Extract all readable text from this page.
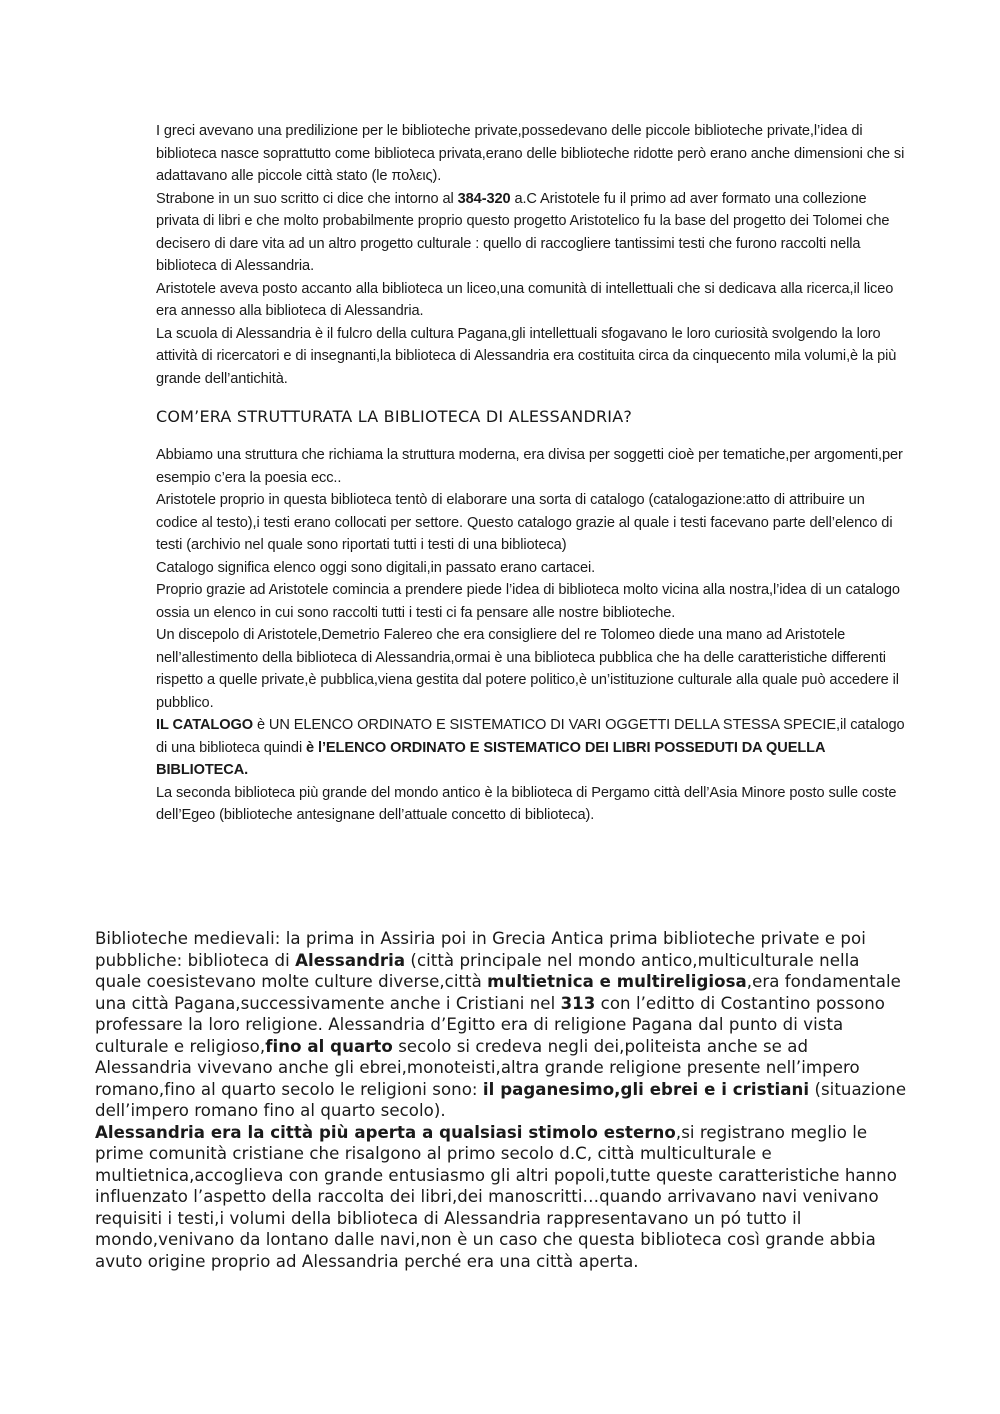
I greci avevano una predilizione per le biblioteche private,possedevano delle piccole biblioteche private,l’idea di biblioteca nasce soprattutto come biblioteca privata,erano delle biblioteche ridotte però erano anche dimensioni che si adattavano alle piccole città stato (le πολεις).

Strabone in un suo scritto ci dice che intorno al 384-320 a.C Aristotele fu il primo ad aver formato una collezione privata di libri e che molto probabilmente proprio questo progetto Aristotelico fu la base del progetto dei Tolomei che decisero di dare vita ad un altro progetto culturale : quello di raccogliere tantissimi testi che furono raccolti nella biblioteca di Alessandria.

Aristotele aveva posto accanto alla biblioteca un liceo,una comunità di intellettuali che si dedicava alla ricerca,il liceo era annesso alla biblioteca di Alessandria.

La scuola di Alessandria è il fulcro della cultura Pagana,gli intellettuali sfogavano le loro curiosità svolgendo la loro attività di ricercatori e di insegnanti,la biblioteca di Alessandria era costituita circa da cinquecento mila volumi,è la più grande dell’antichità.

COM’ERA STRUTTURATA LA BIBLIOTECA DI ALESSANDRIA?

Abbiamo una struttura che richiama la struttura moderna, era divisa per soggetti cioè per tematiche,per argomenti,per esempio c’era la poesia ecc..

Aristotele proprio in questa biblioteca tentò di elaborare una sorta di catalogo (catalogazione:atto di attribuire un codice al testo),i testi erano collocati per settore. Questo catalogo grazie al quale i testi facevano parte dell’elenco di testi (archivio nel quale sono riportati tutti i testi di una biblioteca)

Catalogo significa elenco oggi sono digitali,in passato erano cartacei.

Proprio grazie ad Aristotele comincia a prendere piede l’idea di biblioteca molto vicina alla nostra,l’idea di un catalogo ossia un elenco in cui sono raccolti tutti i testi ci fa pensare alle nostre biblioteche.

Un discepolo di Aristotele,Demetrio Falereo che era consigliere del re Tolomeo diede una mano ad Aristotele nell’allestimento della biblioteca di Alessandria,ormai è una biblioteca pubblica che ha delle caratteristiche differenti rispetto a quelle private,è pubblica,viena gestita dal potere politico,è un’istituzione culturale alla quale può accedere il pubblico.

IL CATALOGO è UN ELENCO ORDINATO E SISTEMATICO DI VARI OGGETTI DELLA STESSA SPECIE,il catalogo di una biblioteca quindi è l’ELENCO ORDINATO E SISTEMATICO DEI LIBRI POSSEDUTI DA QUELLA BIBLIOTECA.

La seconda biblioteca più grande del mondo antico è la biblioteca di Pergamo città dell’Asia Minore posto sulle coste dell’Egeo (biblioteche antesignane dell’attuale concetto di biblioteca).

Biblioteche medievali: la prima in Assiria poi in Grecia Antica prima biblioteche private e poi pubbliche: biblioteca di Alessandria (città principale nel mondo antico,multiculturale nella quale coesistevano molte culture diverse,città multietnica e multireligiosa,era fondamentale una città Pagana,successivamente anche i Cristiani nel 313 con l’editto di Costantino possono professare la loro religione. Alessandria d’Egitto era di religione Pagana dal punto di vista culturale e religioso,fino al quarto secolo si credeva negli dei,politeista anche se ad Alessandria vivevano anche gli ebrei,monoteisti,altra grande religione presente nell’impero romano,fino al quarto secolo le religioni sono: il paganesimo,gli ebrei e i cristiani (situazione dell’impero romano fino al quarto secolo).

Alessandria era la città più aperta a qualsiasi stimolo esterno,si registrano meglio le prime comunità cristiane che risalgono al primo secolo d.C, città multiculturale e multietnica,accoglieva con grande entusiasmo gli altri popoli,tutte queste caratteristiche hanno influenzato l’aspetto della raccolta dei libri,dei manoscritti…quando arrivavano navi venivano requisiti i testi,i volumi della biblioteca di Alessandria rappresentavano un pó tutto il mondo,venivano da lontano dalle navi,non è un caso che questa biblioteca così grande abbia avuto origine proprio ad Alessandria perché era una città aperta.
